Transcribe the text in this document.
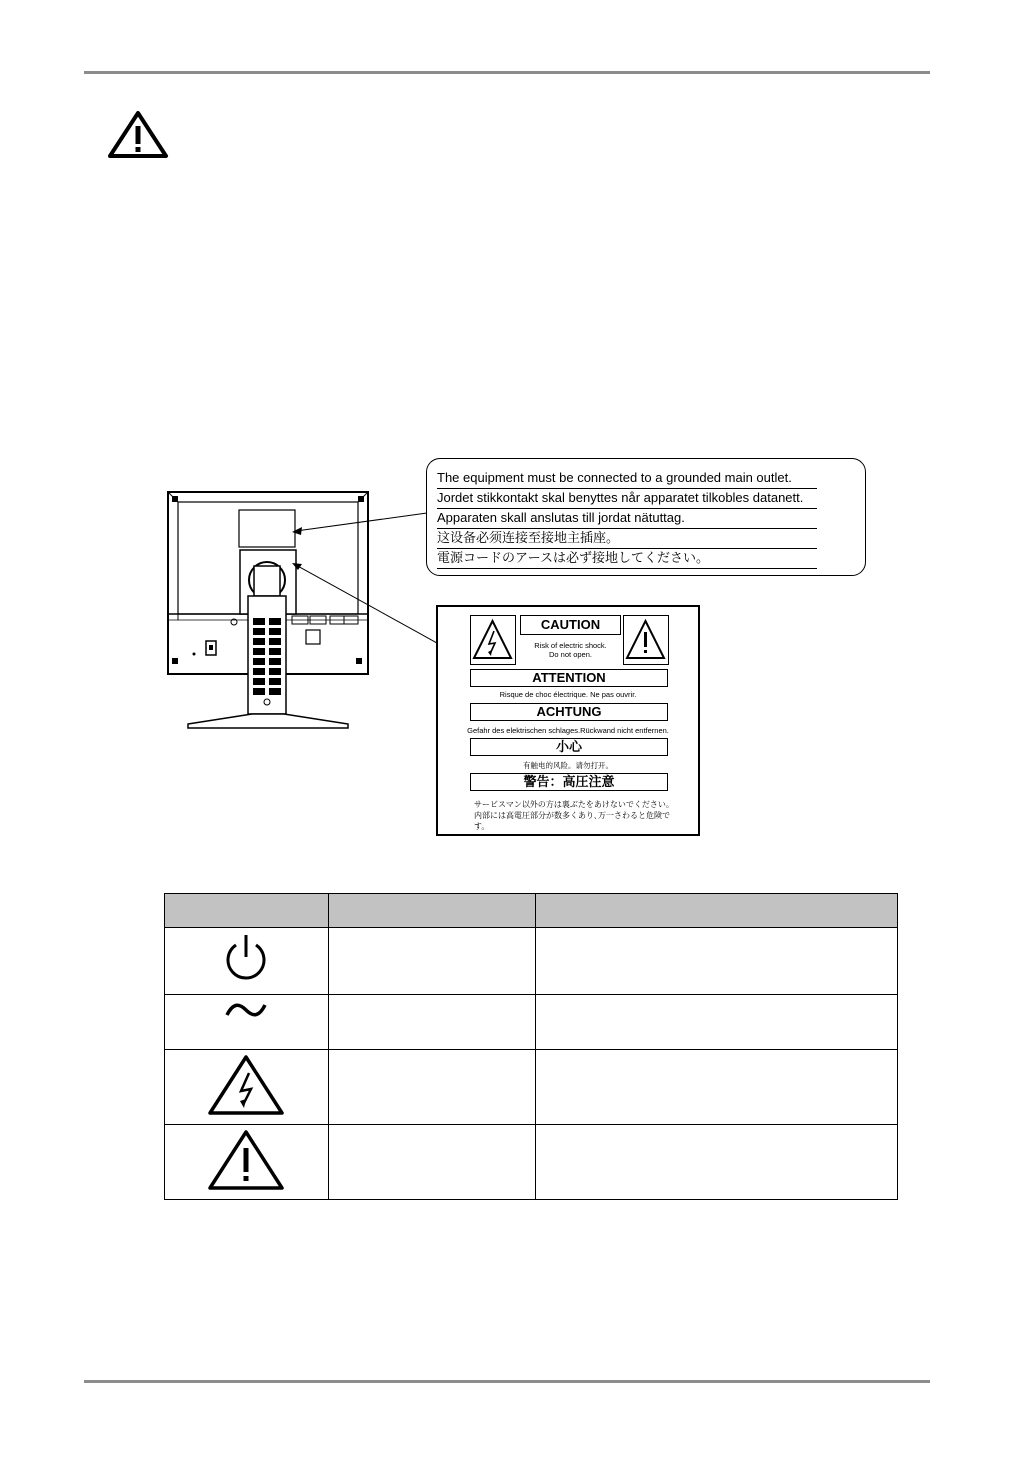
The equipment must be connected to a grounded main outlet.
Jordet stikkontakt skal benyttes når apparatet tilkobles datanett.
Apparaten skall anslutas till jordat nätuttag.
这设备必须连接至接地主插座。
電源コードのアースは必ず接地してください。
CAUTION
Risk of electric shock.
Do not open.
ATTENTION
Risque de choc électrique. Ne pas ouvrir.
ACHTUNG
Gefahr des elektrischen schlages.Rückwand nicht entfernen.
小心
有触电的风险。请勿打开。
警告：高圧注意
サービスマン以外の方は裏ぶたをあけないでください。内部には高電圧部分が数多くあり､万一さわると危険です。
